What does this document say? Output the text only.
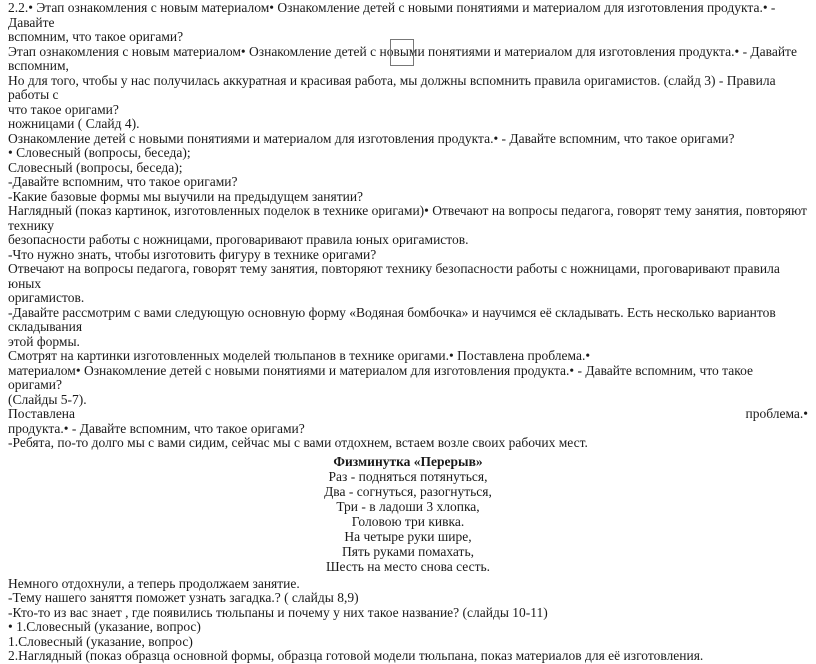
2.2.• Этап ознакомления с новым материалом• Ознакомление детей с новыми понятиями и материалом для изготовления продукта.• - Давайте
вспомним, что такое оригами?
Этап ознакомления с новым материалом• Ознакомление детей с новыми понятиями и материалом для изготовления продукта.• - Давайте вспомним,
Но для того, чтобы у нас получилась аккуратная и красивая работа, мы должны вспомнить правила оригамистов. (слайд 3) - Правила работы с
что такое оригами?
ножницами ( Слайд 4).
Ознакомление детей с новыми понятиями и материалом для изготовления продукта.• - Давайте вспомним, что такое оригами?
• Словесный (вопросы, беседа);
Словесный (вопросы, беседа);
-Давайте вспомним, что такое оригами?
-Какие базовые формы мы выучили на предыдущем занятии?
Наглядный (показ картинок, изготовленных поделок в технике оригами)• Отвечают на вопросы педагога, говорят тему занятия, повторяют технику
безопасности работы с ножницами, проговаривают правила юных оригамистов.
-Что нужно знать, чтобы изготовить фигуру в технике оригами?
Отвечают на вопросы педагога, говорят тему занятия, повторяют технику безопасности работы с ножницами, проговаривают правила юных
оригамистов.
-Давайте рассмотрим с вами следующую основную форму «Водяная бомбочка» и научимся её складывать. Есть несколько вариантов складывания
этой формы.
Смотрят на картинки изготовленных моделей тюльпанов в технике оригами.• Поставлена проблема.•
материалом• Ознакомление детей с новыми понятиями и материалом для изготовления продукта.• - Давайте вспомним, что такое оригами?
(Слайды 5-7).
Поставлена	проблема.•
продукта.• - Давайте вспомним, что такое оригами?
-Ребята, по-то долго мы с вами сидим, сейчас мы с вами отдохнем, встаем возле своих рабочих мест.
Физминутка «Перерыв»
Раз - подняться потянуться,
Два - согнуться, разогнуться,
Три - в ладоши 3 хлопка,
Головою три кивка.
На четыре руки шире,
Пять руками помахать,
Шесть на место снова сесть.
Немного отдохнули, а теперь продолжаем занятие.
-Тему нашего заняття поможет узнать загадка.? ( слайды 8,9)
-Кто-то из вас знает , где появились тюльпаны и почему у них такое название? (слайды 10-11)
• 1.Словесный (указание, вопрос)
1.Словесный (указание, вопрос)
2.Наглядный (показ образца основной формы, образца готовой модели тюльпана, показ материалов для её изготовления.
